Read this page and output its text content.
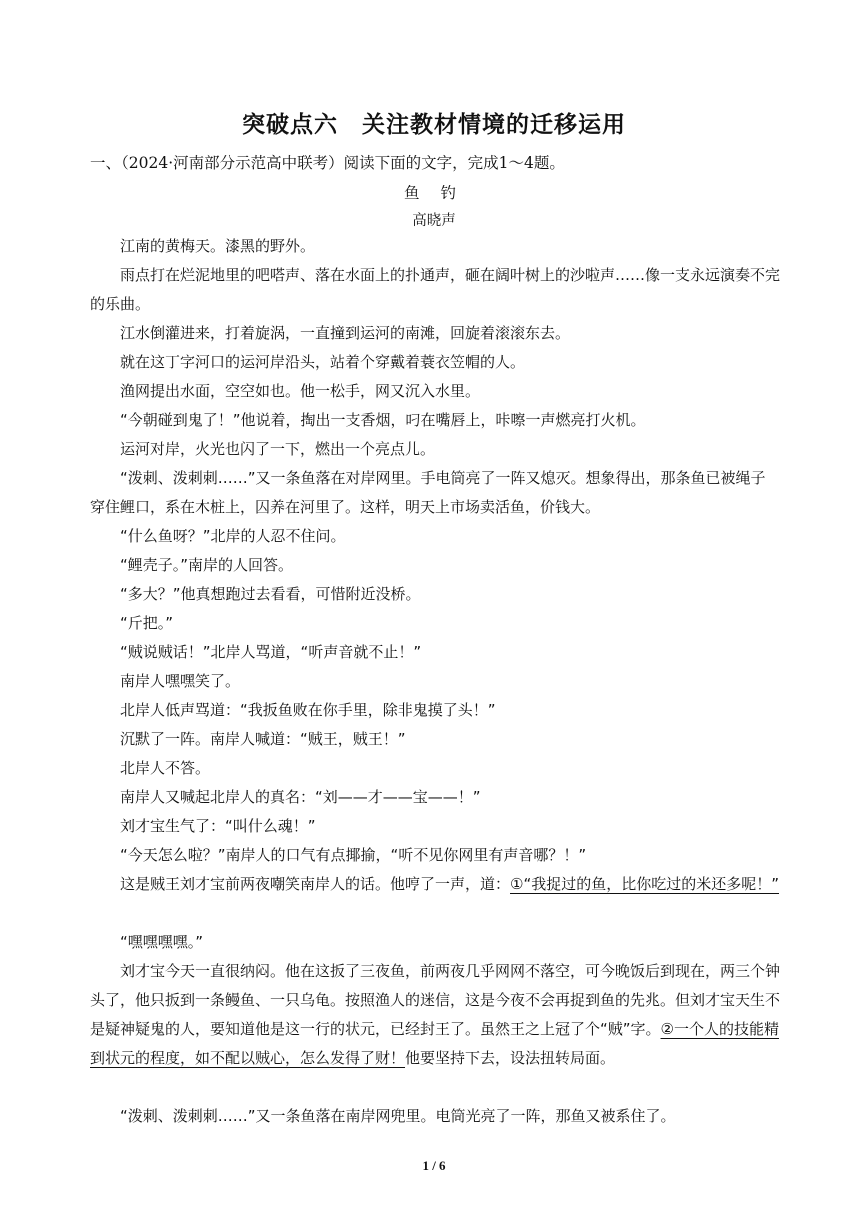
突破点六　关注教材情境的迁移运用
一、（2024·河南部分示范高中联考）阅读下面的文字，完成1～4题。
鱼 钓
高晓声

江南的黄梅天。漆黑的野外。

雨点打在烂泥地里的吧嗒声、落在水面上的扑通声，砸在阔叶树上的沙啦声……像一支永远演奏不完的乐曲。

江水倒灌进来，打着旋涡，一直撞到运河的南滩，回旋着滚滚东去。

就在这丁字河口的运河岸沿头，站着个穿戴着蓑衣笠帽的人。

渔网提出水面，空空如也。他一松手，网又沉入水里。

“今朝碰到鬼了！”他说着，掏出一支香烟，叼在嘴唇上，咔嚓一声燃亮打火机。

运河对岸，火光也闪了一下，燃出一个亮点儿。

“泼刺、泼刺刺……”又一条鱼落在对岸网里。手电筒亮了一阵又熄灭。想象得出，那条鱼已被绳子穿住鲤口，系在木桩上，囚养在河里了。这样，明天上市场卖活鱼，价钱大。

“什么鱼呀？”北岸的人忍不住问。

“鲤壳子。”南岸的人回答。

“多大？”他真想跑过去看看，可惜附近没桥。

“斤把。”

“贼说贼话！”北岸人骂道，“听声音就不止！”

南岸人嘿嘿笑了。

北岸人低声骂道：“我扳鱼败在你手里，除非鬼摸了头！”

沉默了一阵。南岸人喊道：“贼王，贼王！”

北岸人不答。

南岸人又喊起北岸人的真名：“刘——才——宝——！”

刘才宝生气了：“叫什么魂！”

“今天怎么啦？”南岸人的口气有点揶揄，“听不见你网里有声音哪？！”

这是贼王刘才宝前两夜嘲笑南岸人的话。他哼了一声，道：①“我捉过的鱼，比你吃过的米还多呢！”

“嘿嘿嘿嘿。”

刘才宝今天一直很纳闷。他在这扳了三夜鱼，前两夜几乎网网不落空，可今晚饭后到现在，两三个钟头了，他只扳到一条鳗鱼、一只乌龟。按照渔人的迷信，这是今夜不会再捉到鱼的先兆。但刘才宝天生不是疑神疑鬼的人，要知道他是这一行的状元，已经封王了。虽然王之上冠了个“贼”字。②一个人的技能精到状元的程度，如不配以贼心，怎么发得了财！他要坚持下去，设法扭转局面。

“泼刺、泼刺刺……”又一条鱼落在南岸网兜里。电筒光亮了一阵，那鱼又被系住了。

1 / 6
